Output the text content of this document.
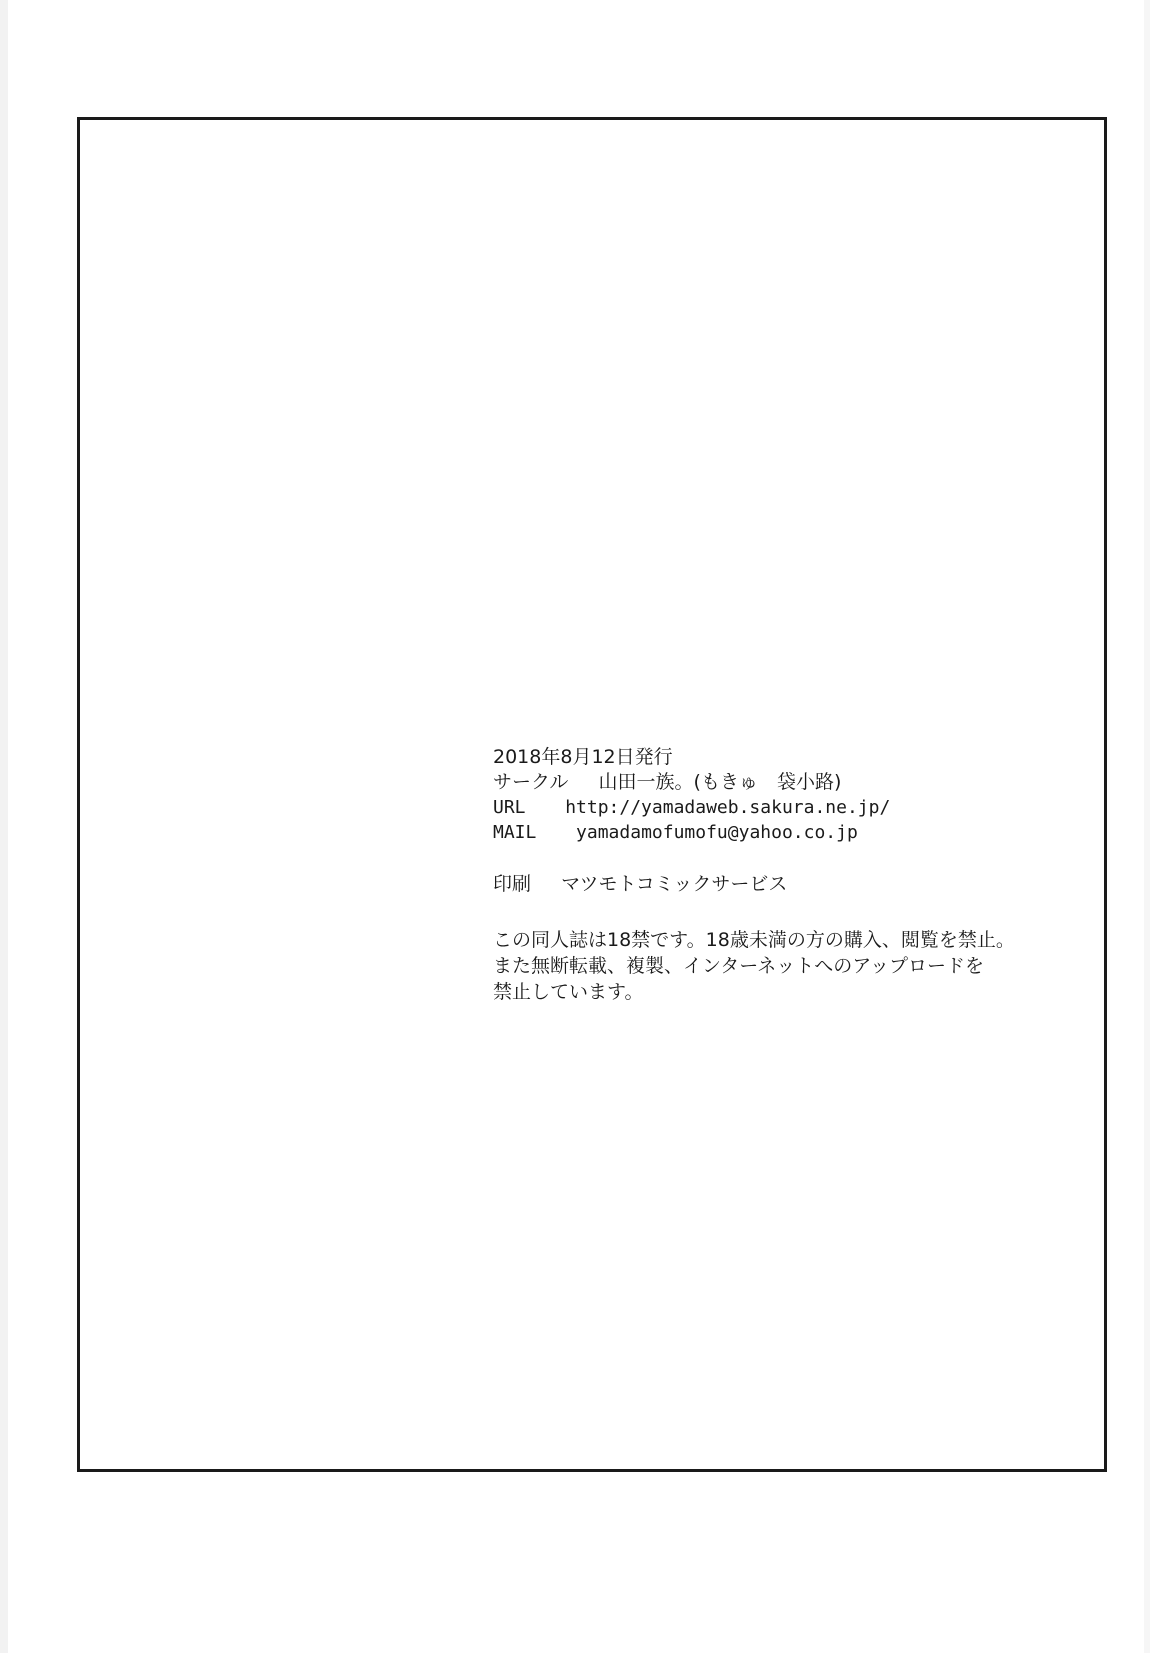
2018年8月12日発行
サークル 山田一族。(もきゅ　袋小路)
URL http://yamadaweb.sakura.ne.jp/
MAIL yamadamofumofu@yahoo.co.jp
印刷 マツモトコミックサービス
この同人誌は18禁です。18歳未満の方の購入、閲覧を禁止。
また無断転載、複製、インターネットへのアップロードを
禁止しています。
